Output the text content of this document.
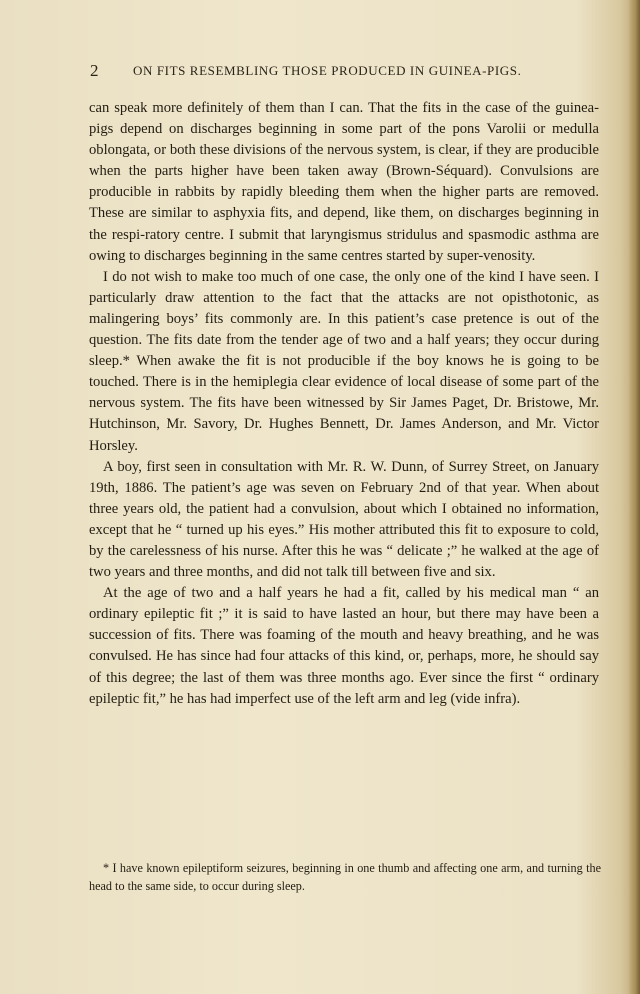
2	ON FITS RESEMBLING THOSE PRODUCED IN GUINEA-PIGS.

can speak more definitely of them than I can. That the fits in the case of the guinea-pigs depend on discharges beginning in some part of the pons Varolii or medulla oblongata, or both these divisions of the nervous system, is clear, if they are producible when the parts higher have been taken away (Brown-Séquard). Convulsions are producible in rabbits by rapidly bleeding them when the higher parts are removed. These are similar to asphyxia fits, and depend, like them, on discharges beginning in the respi-ratory centre. I submit that laryngismus stridulus and spasmodic asthma are owing to discharges beginning in the same centres started by super-venosity.

I do not wish to make too much of one case, the only one of the kind I have seen. I particularly draw attention to the fact that the attacks are not opisthotonic, as malingering boys’ fits commonly are. In this patient’s case pretence is out of the question. The fits date from the tender age of two and a half years; they occur during sleep.* When awake the fit is not producible if the boy knows he is going to be touched. There is in the hemiplegia clear evidence of local disease of some part of the nervous system. The fits have been witnessed by Sir James Paget, Dr. Bristowe, Mr. Hutchinson, Mr. Savory, Dr. Hughes Bennett, Dr. James Anderson, and Mr. Victor Horsley.

A boy, first seen in consultation with Mr. R. W. Dunn, of Surrey Street, on January 19th, 1886. The patient’s age was seven on February 2nd of that year. When about three years old, the patient had a convulsion, about which I obtained no information, except that he “ turned up his eyes.” His mother attributed this fit to exposure to cold, by the carelessness of his nurse. After this he was “ delicate ;” he walked at the age of two years and three months, and did not talk till between five and six.

At the age of two and a half years he had a fit, called by his medical man “ an ordinary epileptic fit ;” it is said to have lasted an hour, but there may have been a succession of fits. There was foaming of the mouth and heavy breathing, and he was convulsed. He has since had four attacks of this kind, or, perhaps, more, he should say of this degree; the last of them was three months ago. Ever since the first “ ordinary epileptic fit,” he has had imperfect use of the left arm and leg (vide infra).

* I have known epileptiform seizures, beginning in one thumb and affecting one arm, and turning the head to the same side, to occur during sleep.
